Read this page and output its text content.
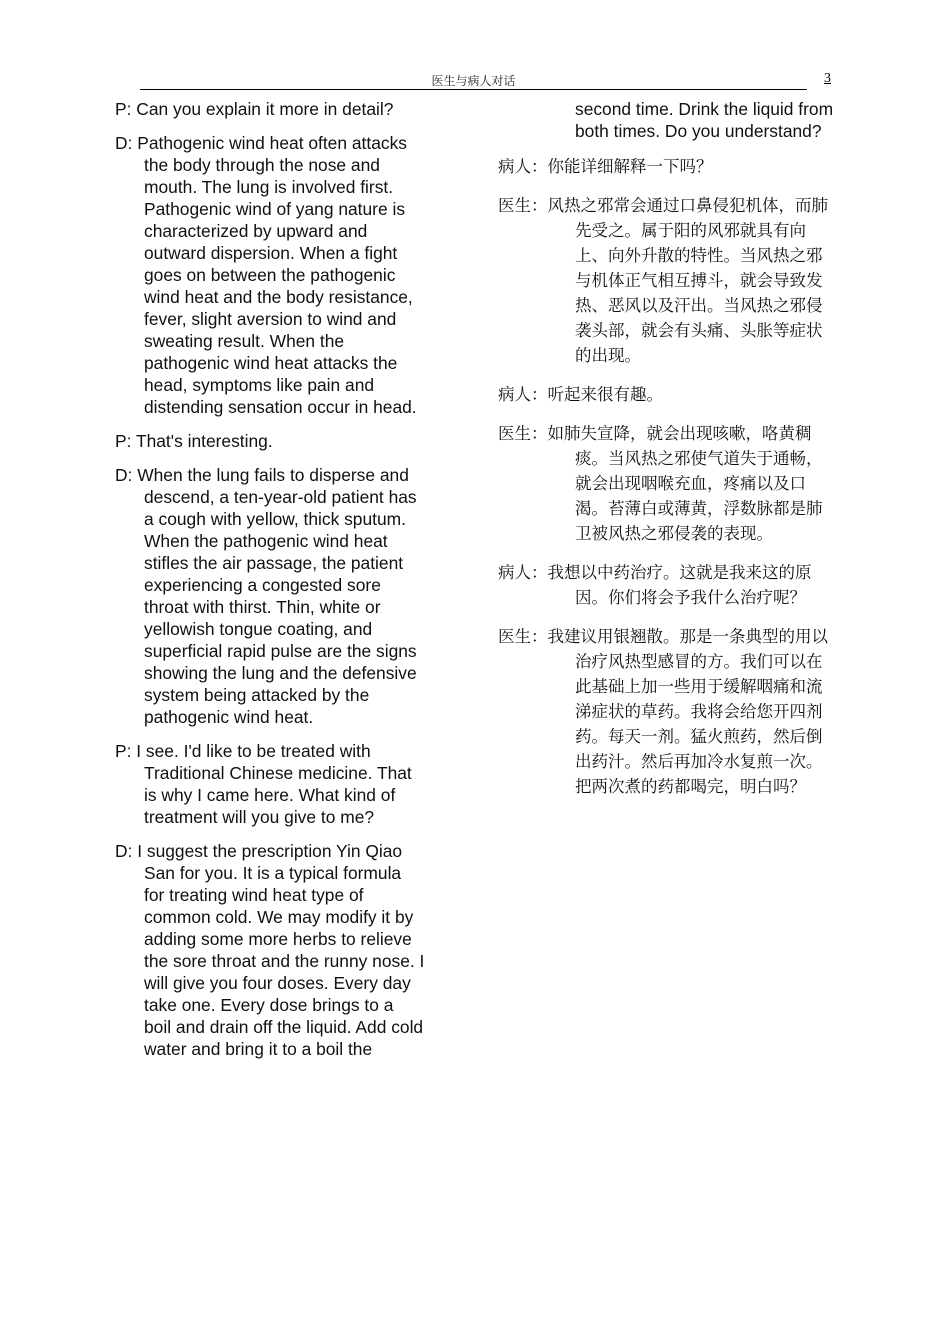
医生与病人对话	3

P: Can you explain it more in detail?

D: Pathogenic wind heat often attacks the body through the nose and mouth. The lung is involved first. Pathogenic wind of yang nature is characterized by upward and outward dispersion. When a fight goes on between the pathogenic wind heat and the body resistance, fever, slight aversion to wind and sweating result. When the pathogenic wind heat attacks the head, symptoms like pain and distending sensation occur in head.

P: That's interesting.

D: When the lung fails to disperse and descend, a ten-year-old patient has a cough with yellow, thick sputum. When the pathogenic wind heat stifles the air passage, the patient experiencing a congested sore throat with thirst. Thin, white or yellowish tongue coating, and superficial rapid pulse are the signs showing the lung and the defensive system being attacked by the pathogenic wind heat.

P: I see. I'd like to be treated with Traditional Chinese medicine. That is why I came here. What kind of treatment will you give to me?

D: I suggest the prescription Yin Qiao San for you. It is a typical formula for treating wind heat type of common cold. We may modify it by adding some more herbs to relieve the sore throat and the runny nose. I will give you four doses. Every day take one. Every dose brings to a boil and drain off the liquid. Add cold water and bring it to a boil the

second time. Drink the liquid from both times. Do you understand?

病人：你能详细解释一下吗？

医生：风热之邪常会通过口鼻侵犯机体，而肺先受之。属于阳的风邪就具有向上、向外升散的特性。当风热之邪与机体正气相互搏斗，就会导致发热、恶风以及汗出。当风热之邪侵袭头部，就会有头痛、头胀等症状的出现。

病人：听起来很有趣。

医生：如肺失宣降，就会出现咳嗽，咯黄稠痰。当风热之邪使气道失于通畅，就会出现咽喉充血，疼痛以及口渴。苔薄白或薄黄，浮数脉都是肺卫被风热之邪侵袭的表现。

病人：我想以中药治疗。这就是我来这的原因。你们将会予我什么治疗呢？

医生：我建议用银翘散。那是一条典型的用以治疗风热型感冒的方。我们可以在此基础上加一些用于缓解咽痛和流涕症状的草药。我将会给您开四剂药。每天一剂。猛火煎药，然后倒出药汁。然后再加冷水复煎一次。把两次煮的药都喝完，明白吗？
